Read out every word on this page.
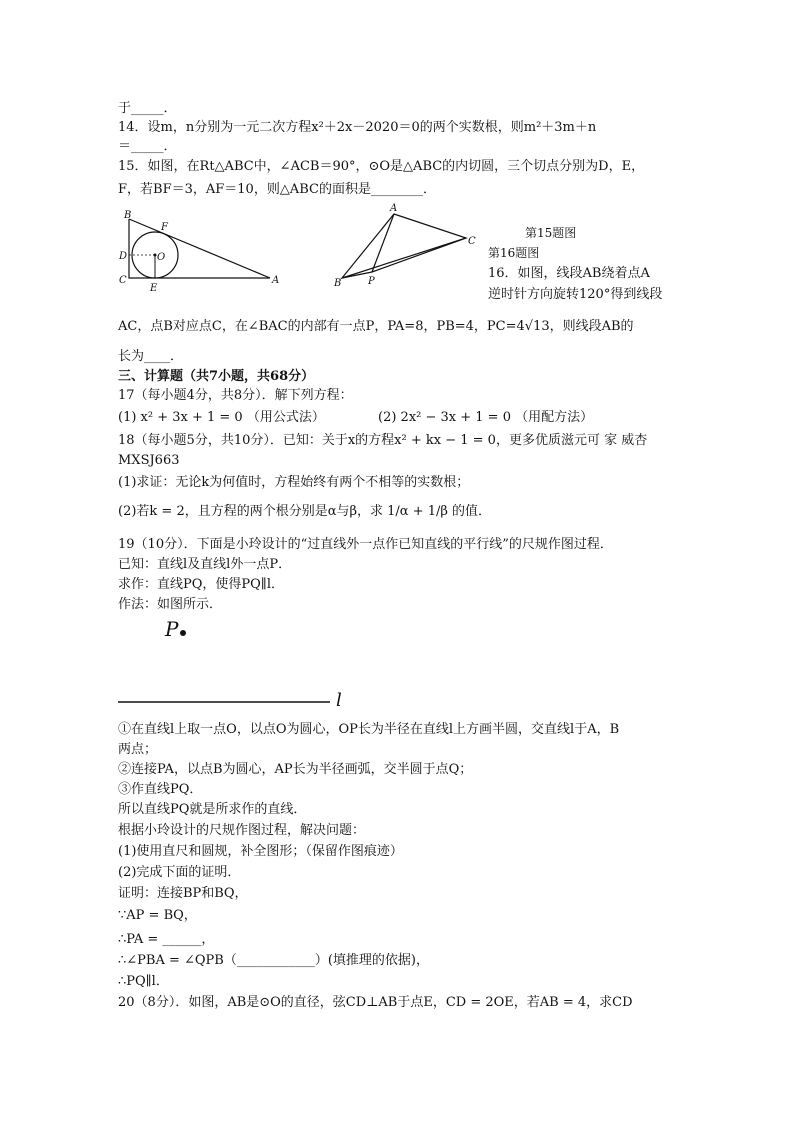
于_____．
14．设m，n分别为一元二次方程x²＋2x－2020＝0的两个实数根，则m²＋3m＋n
＝_____．
15．如图，在Rt△ABC中，∠ACB＝90°，⊙O是△ABC的内切圆，三个切点分别为D，E，
F，若BF＝3，AF＝10，则△ABC的面积是________．
B
F
D	O
C
E
A
A
C
B	P
第15题图
第16题图
16．如图，线段AB绕着点A
逆时针方向旋转120°得到线段
AC，点B对应点C，在∠BAC的内部有一点P，PA=8，PB=4，PC=4√13，则线段AB的
长为____．
三、计算题（共7小题，共68分）
17（每小题4分，共8分）．解下列方程：
(1) x² + 3x + 1 = 0 （用公式法）	(2) 2x² − 3x + 1 = 0 （用配方法）
18（每小题5分，共10分）．已知：关于x的方程x² + kx − 1 = 0，更多优质滋元可 家 威杏
MXSJ663
(1)求证：无论k为何值时，方程始终有两个不相等的实数根；
(2)若k = 2，且方程的两个根分别是α与β，求 1/α + 1/β 的值．
19（10分）．下面是小玲设计的“过直线外一点作已知直线的平行线”的尺规作图过程．
已知：直线l及直线l外一点P．
求作：直线PQ，使得PQ∥l．
作法：如图所示．
P
l
①在直线l上取一点O，以点O为圆心，OP长为半径在直线l上方画半圆，交直线l于A，B
两点；
②连接PA，以点B为圆心，AP长为半径画弧，交半圆于点Q；
③作直线PQ．
所以直线PQ就是所求作的直线．
根据小玲设计的尺规作图过程，解决问题：
(1)使用直尺和圆规，补全图形；（保留作图痕迹）
(2)完成下面的证明．
证明：连接BP和BQ，
∵AP = BQ，
∴PA = ______，
∴∠PBA = ∠QPB（____________）(填推理的依据)，
∴PQ∥l．
20（8分）．如图，AB是⊙O的直径，弦CD⊥AB于点E，CD = 2OE，若AB = 4，求CD
